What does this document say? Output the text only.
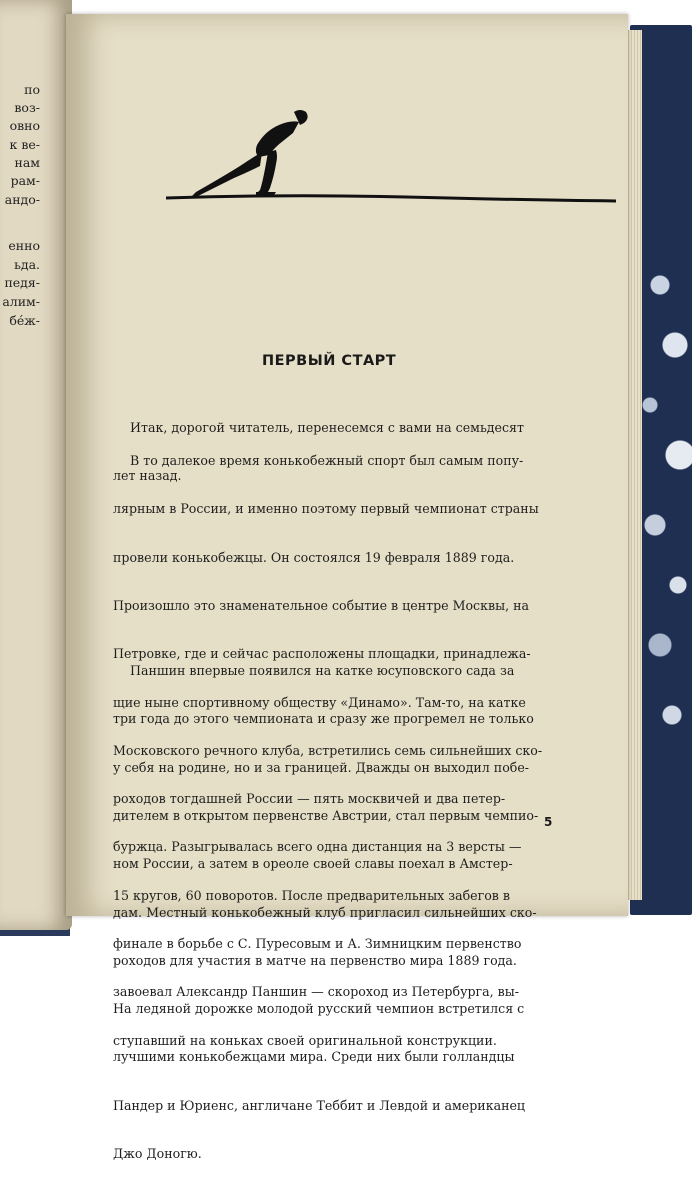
по
воз-
овно
к ве-
нам
рам-
андо-
енно
ьда.
педя-
алим-
бéж-
ПЕРВЫЙ СТАРТ

Итак, дорогой читатель, перенесемся с вами на семьдесят

лет назад.

В то далекое время конькобежный спорт был самым попу-

лярным в России, и именно поэтому первый чемпионат страны

провели конькобежцы. Он состоялся 19 февраля 1889 года.

Произошло это знаменательное событие в центре Москвы, на

Петровке, где и сейчас расположены площадки, принадлежа-

щие ныне спортивному обществу «Динамо». Там-то, на катке

Московского речного клуба, встретились семь сильнейших ско-

роходов тогдашней России — пять москвичей и два петер-

буржца. Разыгрывалась всего одна дистанция на 3 версты —

15 кругов, 60 поворотов. После предварительных забегов в

финале в борьбе с С. Пуресовым и А. Зимницким первенство

завоевал Александр Паншин — скороход из Петербурга, вы-

ступавший на коньках своей оригинальной конструкции.

Паншин впервые появился на катке юсуповского сада за

три года до этого чемпионата и сразу же прогремел не только

у себя на родине, но и за границей. Дважды он выходил побе-

дителем в открытом первенстве Австрии, стал первым чемпио-

ном России, а затем в ореоле своей славы поехал в Амстер-

дам. Местный конькобежный клуб пригласил сильнейших ско-

роходов для участия в матче на первенство мира 1889 года.

На ледяной дорожке молодой русский чемпион встретился с

лучшими конькобежцами мира. Среди них были голландцы

Пандер и Юриенс, англичане Теббит и Левдой и американец

Джо Доногю.

5
